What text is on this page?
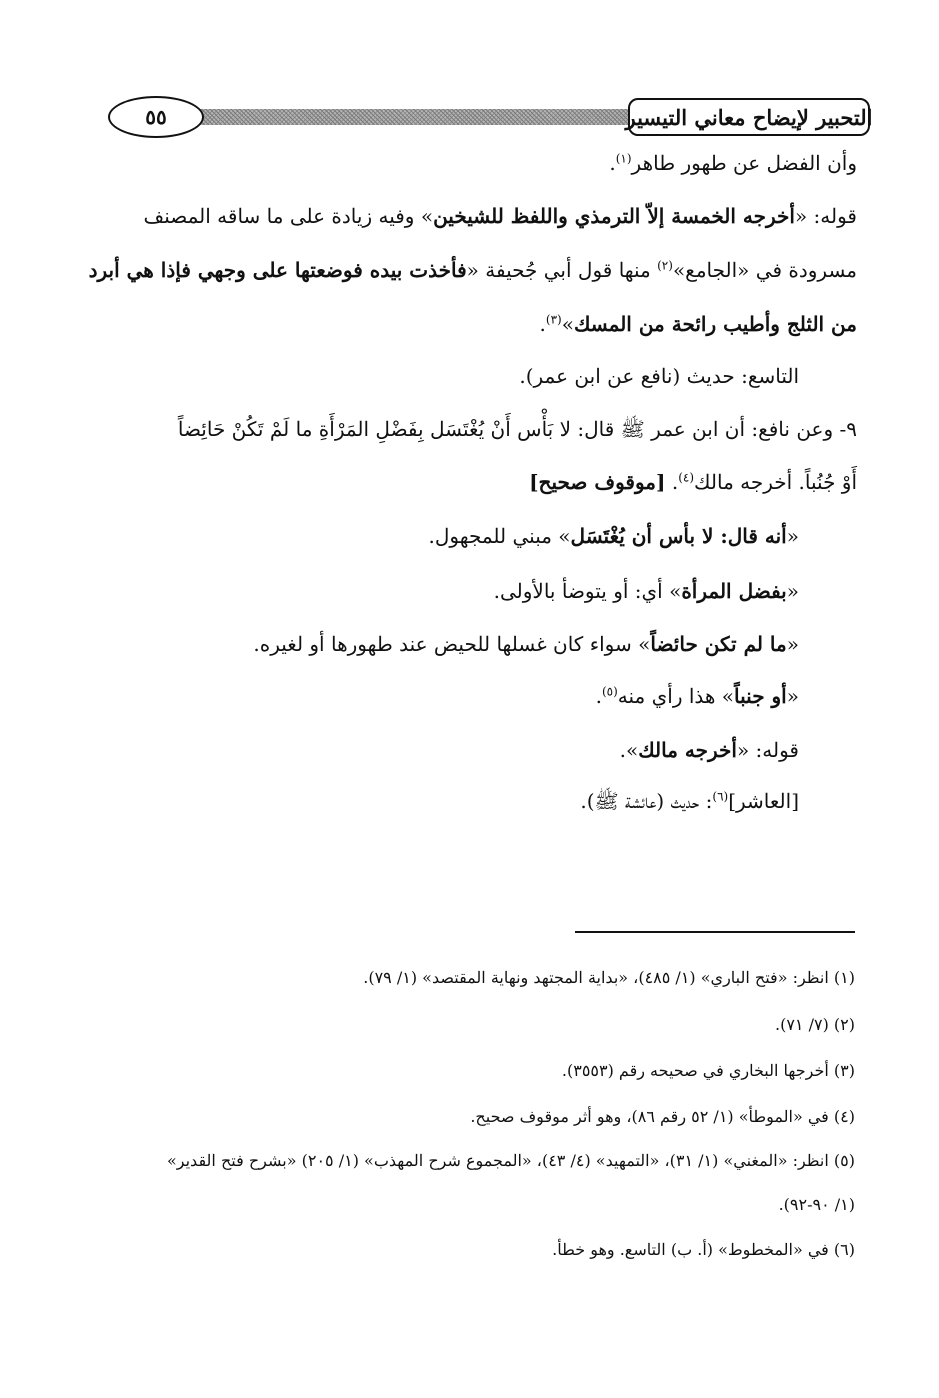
التحبير لإيضاح معاني التيسير
٥٥
وأن الفضل عن طهور طاهر$^{(١)}$.
قوله: «أخرجه الخمسة إلاّ الترمذي واللفظ للشيخين» وفيه زيادة على ما ساقه المصنف
مسرودة في «الجامع»$^{(٢)}$ منها قول أبي جُحيفة «فأخذت بيده فوضعتها على وجهي فإذا هي أبرد
من الثلج وأطيب رائحة من المسك»$^{(٣)}$.
التاسع: حديث (نافع عن ابن عمر).
٩- وعن نافع: أن ابن عمر ﷺ قال: لا بَأْس أَنْ يُغْتَسَل بِفَضْلِ المَرْأَةِ ما لَمْ تَكُنْ حَائِضاً
أَوْ جُنُباً. أخرجه مالك$^{(٤)}$. [موقوف صحيح]
«أنه قال: لا بأس أن يُغْتَسَل» مبني للمجهول.
«بفضل المرأة» أي: أو يتوضأ بالأولى.
«ما لم تكن حائضاً» سواء كان غسلها للحيض عند طهورها أو لغيره.
«أو جنباً» هذا رأي منه$^{(٥)}$.
قوله: «أخرجه مالك».
[العاشر]$^{(٦)}$: حديث (عائشة ﷺ).
(١) انظر: «فتح الباري» (١/ ٤٨٥)، «بداية المجتهد ونهاية المقتصد» (١/ ٧٩).
(٢) (٧/ ٧١).
(٣) أخرجها البخاري في صحيحه رقم (٣٥٥٣).
(٤) في «الموطأ» (١/ ٥٢ رقم ٨٦)، وهو أثر موقوف صحيح.
(٥) انظر: «المغني» (١/ ٣١)، «التمهيد» (٤/ ٤٣)، «المجموع شرح المهذب» (١/ ٢٠٥) «بشرح فتح القدير»
(١/ ٩٠-٩٢).
(٦) في «المخطوط» (أ. ب) التاسع. وهو خطأ.
